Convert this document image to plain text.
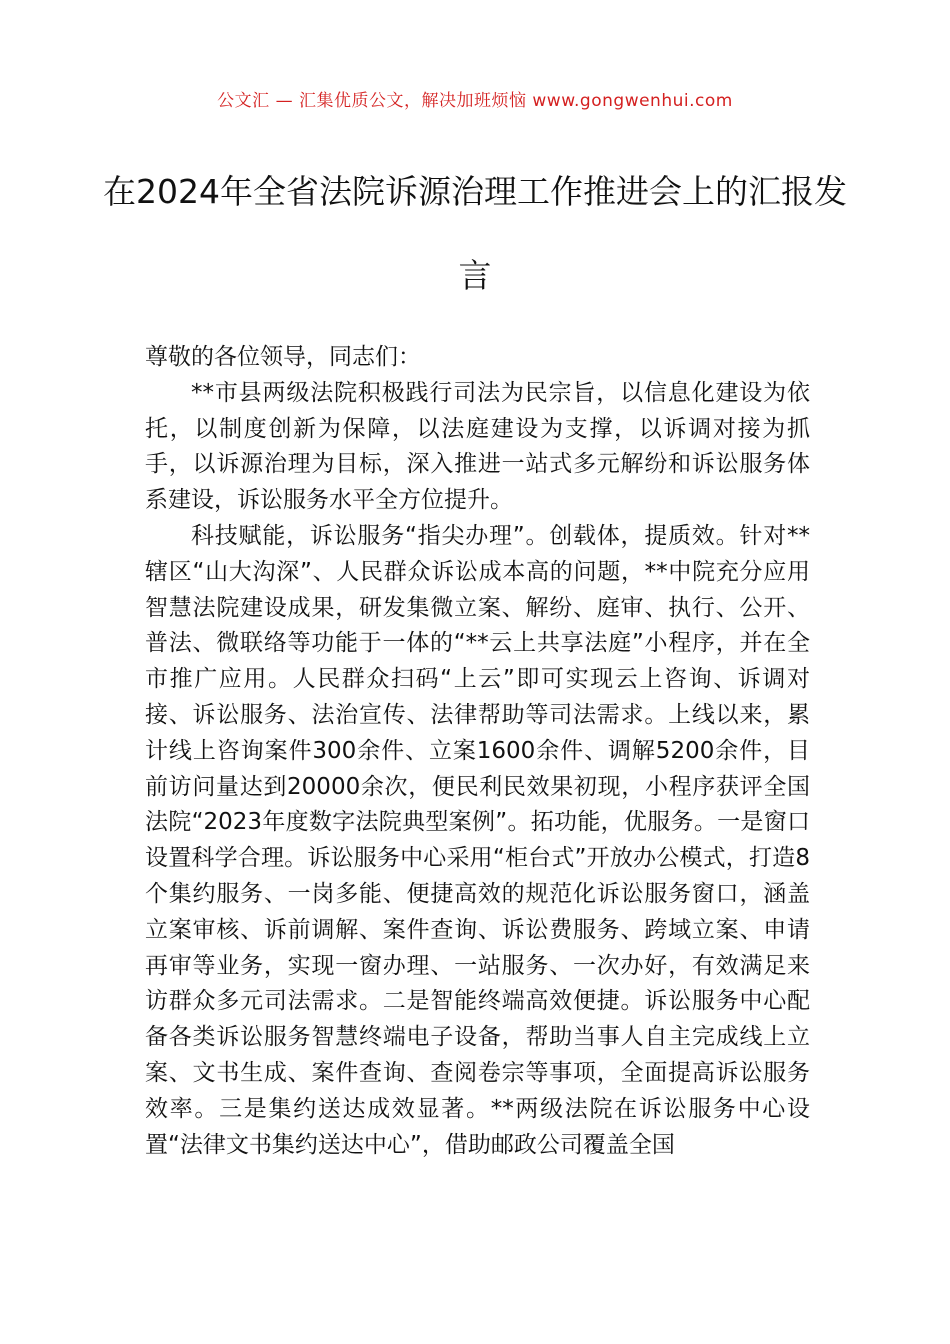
公文汇 — 汇集优质公文，解决加班烦恼 www.gongwenhui.com
在2024年全省法院诉源治理工作推进会上的汇报发言

尊敬的各位领导，同志们：

**市县两级法院积极践行司法为民宗旨，以信息化建设为依托，以制度创新为保障，以法庭建设为支撑，以诉调对接为抓手，以诉源治理为目标，深入推进一站式多元解纷和诉讼服务体系建设，诉讼服务水平全方位提升。

科技赋能，诉讼服务“指尖办理”。创载体，提质效。针对**辖区“山大沟深”、人民群众诉讼成本高的问题，**中院充分应用智慧法院建设成果，研发集微立案、解纷、庭审、执行、公开、普法、微联络等功能于一体的“**云上共享法庭”小程序，并在全市推广应用。人民群众扫码“上云”即可实现云上咨询、诉调对接、诉讼服务、法治宣传、法律帮助等司法需求。上线以来，累计线上咨询案件300余件、立案1600余件、调解5200余件，目前访问量达到20000余次，便民利民效果初现，小程序获评全国法院“2023年度数字法院典型案例”。拓功能，优服务。一是窗口设置科学合理。诉讼服务中心采用“柜台式”开放办公模式，打造8个集约服务、一岗多能、便捷高效的规范化诉讼服务窗口，涵盖立案审核、诉前调解、案件查询、诉讼费服务、跨域立案、申请再审等业务，实现一窗办理、一站服务、一次办好，有效满足来访群众多元司法需求。二是智能终端高效便捷。诉讼服务中心配备各类诉讼服务智慧终端电子设备，帮助当事人自主完成线上立案、文书生成、案件查询、查阅卷宗等事项，全面提高诉讼服务效率。三是集约送达成效显著。**两级法院在诉讼服务中心设置“法律文书集约送达中心”，借助邮政公司覆盖全国
